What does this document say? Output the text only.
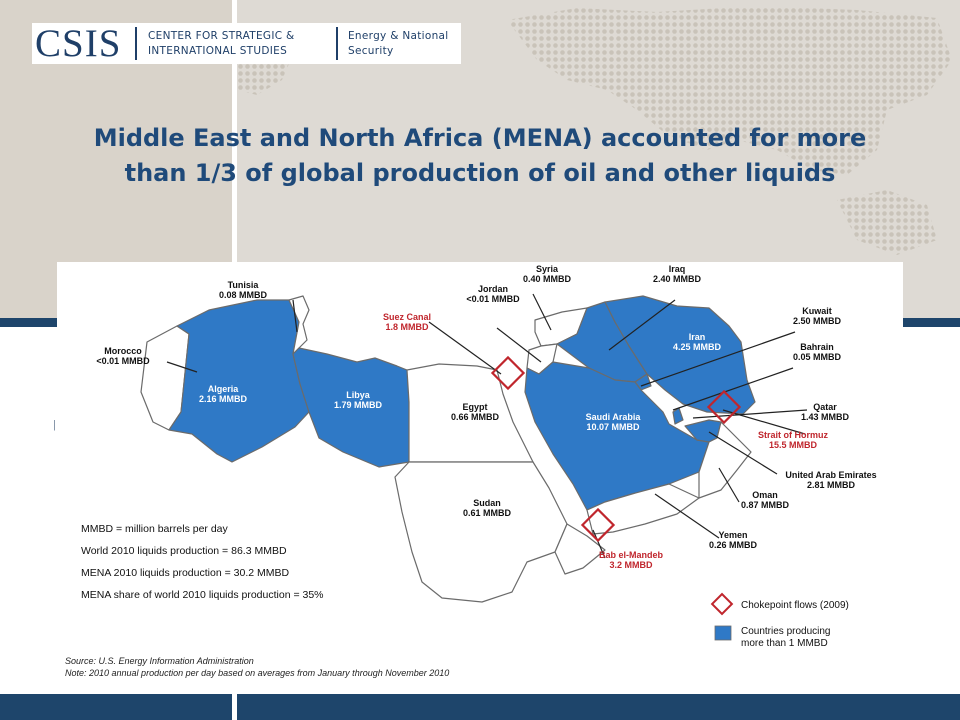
CSIS	CENTER FOR STRATEGIC &
INTERNATIONAL STUDIES
Energy & National
Security
Middle East and North Africa (MENA) accounted for more
than 1/3 of global production of oil and other liquids
|
Tunisia
0.08 MMBD
Morocco
<0.01 MMBD
Algeria
2.16 MMBD	Libya
1.79 MMBD	Egypt
0.66 MMBD
Sudan
0.61 MMBD
Syria
0.40 MMBD
Jordan
<0.01 MMBD
Iraq
2.40 MMBD
Iran
4.25 MMBD
Kuwait
2.50 MMBD
Bahrain
0.05 MMBD
Qatar
1.43 MMBD
Saudi Arabia
10.07 MMBD
United Arab Emirates
2.81 MMBD
Oman
0.87 MMBD
Yemen
0.26 MMBD
Suez Canal
1.8 MMBD
Strait of Hormuz
15.5 MMBD
Bab el-Mandeb
3.2 MMBD
MMBD = million barrels per day
World 2010 liquids production = 86.3 MMBD
MENA 2010 liquids production = 30.2 MMBD
MENA share of world 2010 liquids production = 35%
Chokepoint flows (2009)
Countries producing
more than 1 MMBD
Source: U.S. Energy Information Administration
Note: 2010 annual production per day based on averages from January through November 2010
